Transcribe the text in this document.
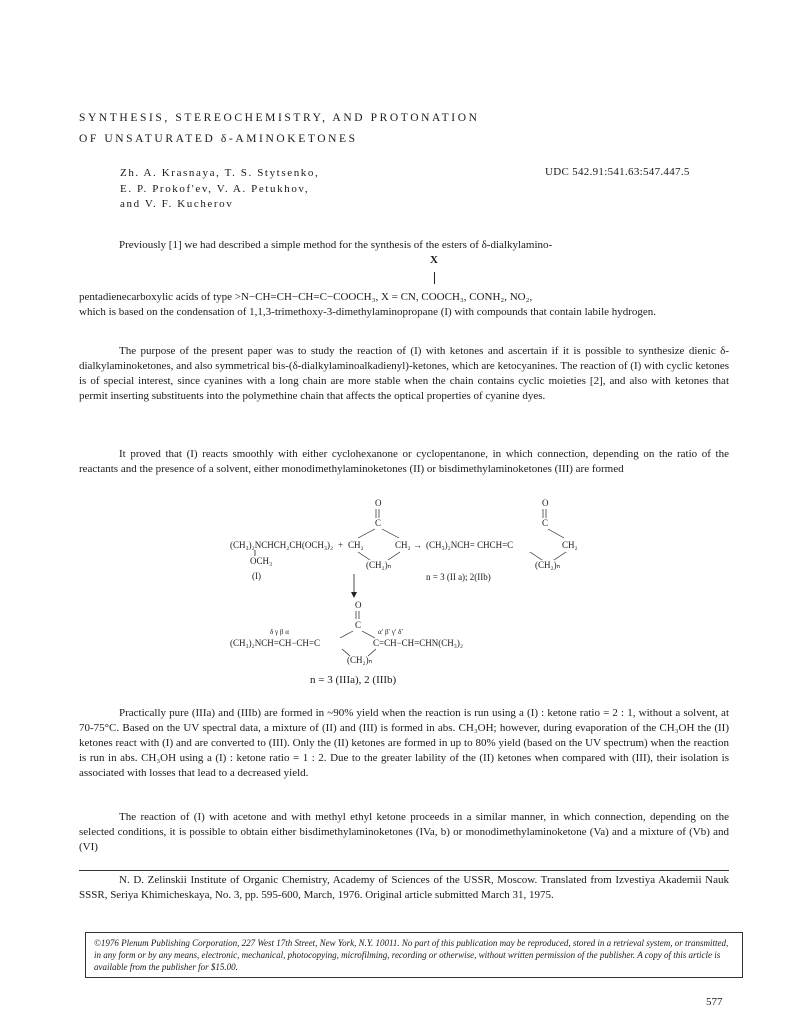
SYNTHESIS, STEREOCHEMISTRY, AND PROTONATION
OF UNSATURATED δ-AMINOKETONES
Zh. A. Krasnaya, T. S. Stytsenko,
E. P. Prokof'ev, V. A. Petukhov,
and V. F. Kucherov
UDC 542.91:541.63:547.447.5

Previously [1] we had described a simple method for the synthesis of the esters of δ-dialkylamino-

X

pentadienecarboxylic acids of type >N−CH=CH−CH=C−COOCH₃, X = CN, COOCH₃, CONH₂, NO₂,

which is based on the condensation of 1,1,3-trimethoxy-3-dimethylaminopropane (I) with compounds that contain labile hydrogen.

The purpose of the present paper was to study the reaction of (I) with ketones and ascertain if it is possible to synthesize dienic δ-dialkylaminoketones, and also symmetrical bis-(δ-dialkylaminoalkadienyl)-ketones, which are ketocyanines. The reaction of (I) with cyclic ketones is of special interest, since cyanines with a long chain are more stable when the chain contains cyclic moieties [2], and also with ketones that permit inserting substituents into the polymethine chain that affects the optical properties of cyanine dyes.

It proved that (I) reacts smoothly with either cyclohexanone or cyclopentanone, in which connection, depending on the ratio of the reactants and the presence of a solvent, either monodimethylaminoketones (II) or bisdimethylaminoketones (III) are formed

(CH₃)₂NCHCH₂CH(OCH₃)₂
OCH₃
(I)
+
O
C
CH₂	CH₂
(CH₂)ₙ
→ (CH₃)₂NCH= CHCH=C
O
C
CH₂
(CH₂)ₙ
n = 3 (II a); 2(IIb)
O
C
δ γ β α	α′ β′ γ′ δ′
(CH₃)₂NCH=CH−CH=C	C=CH−CH=CHN(CH₃)₂
(CH₂)ₙ
n = 3 (IIIa), 2 (IIIb)

Practically pure (IIIa) and (IIIb) are formed in ~90% yield when the reaction is run using a (I) : ketone ratio = 2 : 1, without a solvent, at 70-75°C. Based on the UV spectral data, a mixture of (II) and (III) is formed in abs. CH₃OH; however, during evaporation of the CH₃OH the (II) ketones react with (I) and are converted to (III). Only the (II) ketones are formed in up to 80% yield (based on the UV spectrum) when the reaction is run in abs. CH₃OH using a (I) : ketone ratio = 1 : 2. Due to the greater lability of the (II) ketones when compared with (III), their isolation is associated with losses that lead to a decreased yield.

The reaction of (I) with acetone and with methyl ethyl ketone proceeds in a similar manner, in which connection, depending on the selected conditions, it is possible to obtain either bisdimethylaminoketones (IVa, b) or monodimethylaminoketone (Va) and a mixture of (Vb) and (VI)

N. D. Zelinskii Institute of Organic Chemistry, Academy of Sciences of the USSR, Moscow. Translated from Izvestiya Akademii Nauk SSSR, Seriya Khimicheskaya, No. 3, pp. 595-600, March, 1976. Original article submitted March 31, 1975.

©1976 Plenum Publishing Corporation, 227 West 17th Street, New York, N.Y. 10011. No part of this publication may be reproduced, stored in a retrieval system, or transmitted, in any form or by any means, electronic, mechanical, photocopying, microfilming, recording or otherwise, without written permission of the publisher. A copy of this article is available from the publisher for $15.00.
577
